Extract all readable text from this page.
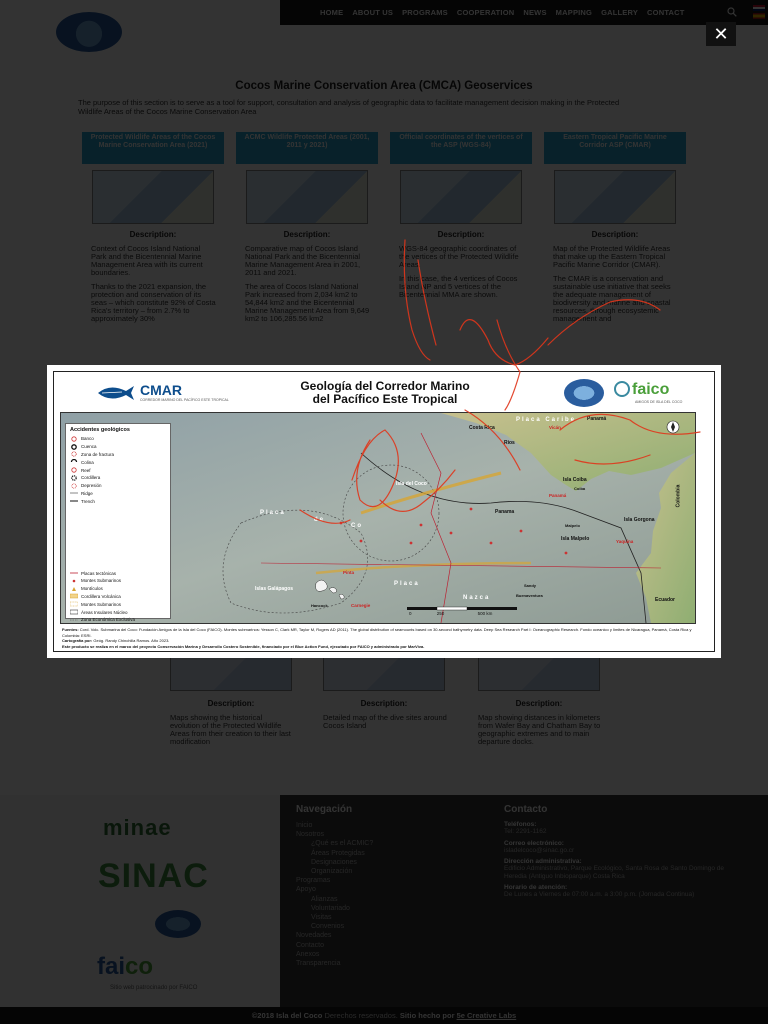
✕
CMAR
CORREDOR MARINO DEL PACÍFICO ESTE TROPICAL
Geología del Corredor Marino
del Pacífico Este Tropical
faico
AMIGOS DE ISLA DEL COCO
Accidentes geológicos
Banco
Cuenca
Zona de fractura
Colina
Reef
Cordillera
Depresión
Ridge
Trench
Placas tectónicas
Montes Submarinos
Montículos
Cordillera Volcánica
Montes Submarinos
Áreas Insulares Núcleo
Zona Económica Exclusiva
Placa
de
Co
Placa Caribe
Placa
Nazca
Costa Rica
Rios
Isla del Coco
Isla Coiba
Coiba
Panamá
Panama
Malpelo
Isla Malpelo
Isla Gorgona
Colombia
Ecuador
Islas Galápagos
Carnegie
Hancock
Panamá
Yaquina
Vicán
Pinta
Sandy
Buenaventura
0	250	500 km
Fuentes: Cord. Volc. Submarina del Coco: Fundación Amigos de la Isla del Coco (FAICO). Montes submarinos: Yesson C, Clark MR, Taylor M, Rogers AD (2011). The global distribution of seamounts based on 30-second bathymetry data. Deep Sea Research Part I: Oceanographic Research. Fondo oceanico y límites de Nicaragua, Panamá, Costa Rica y Colombia: ESRI.
Cartografía por: Geóg. Randy Chinchilla Ramos. Año 2023.
Este producto se realiza en el marco del proyecto Conservación Marina y Desarrollo Costero Sostenible, financiado por el Blue Action Fund, ejecutado por FAICO y administrado por MarViva.
